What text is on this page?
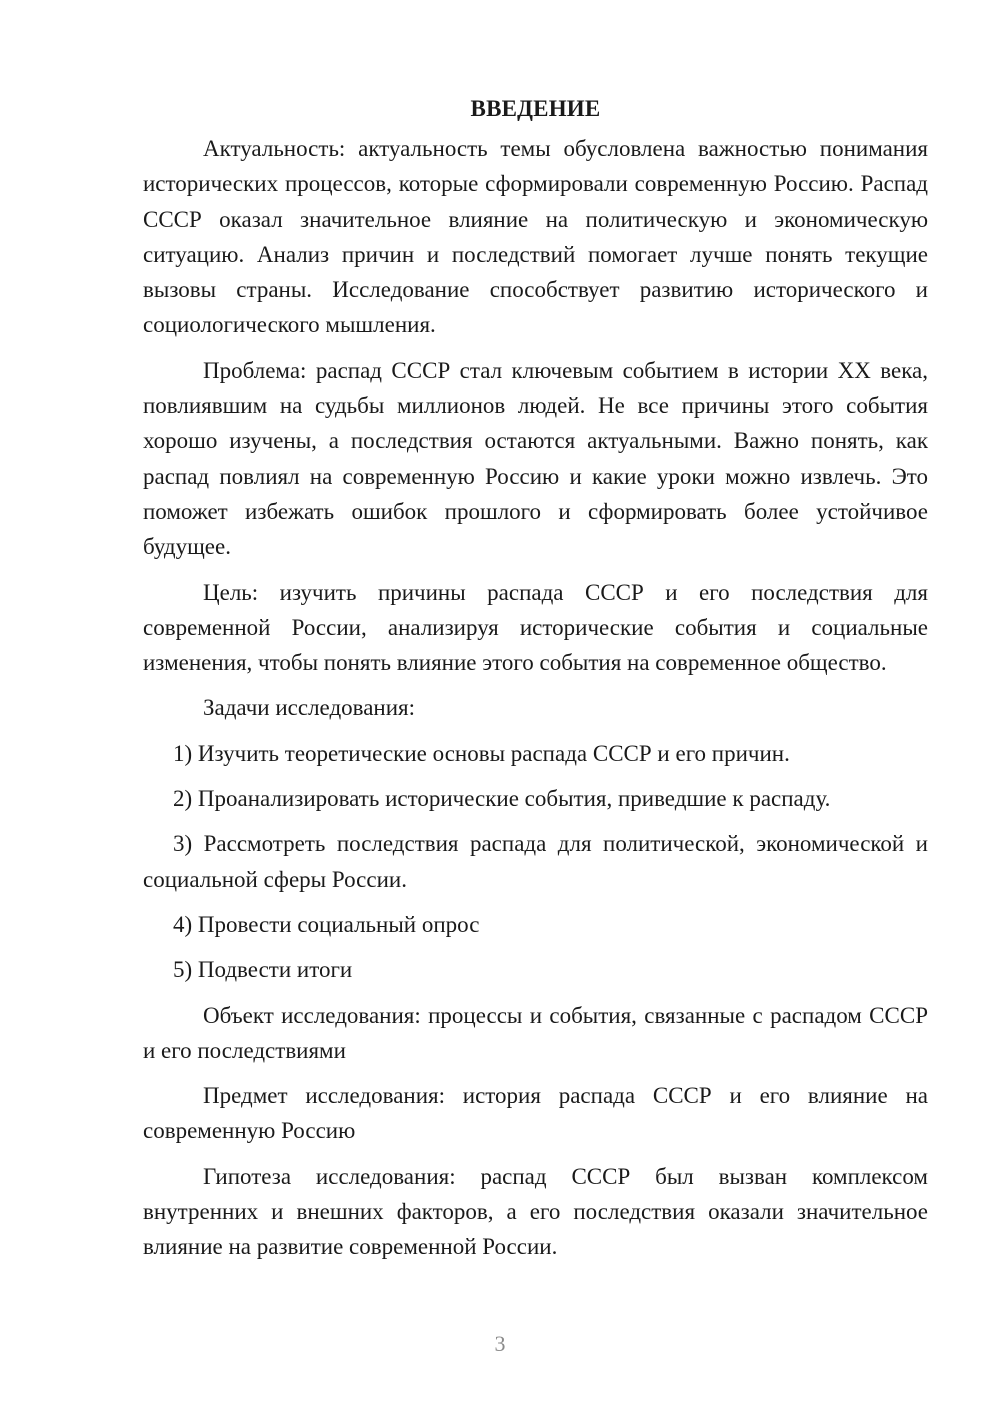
ВВЕДЕНИЕ

Актуальность: актуальность темы обусловлена важностью понимания исторических процессов, которые сформировали современную Россию. Распад СССР оказал значительное влияние на политическую и экономическую ситуацию. Анализ причин и последствий помогает лучше понять текущие вызовы страны. Исследование способствует развитию исторического и социологического мышления.

Проблема: распад СССР стал ключевым событием в истории XX века, повлиявшим на судьбы миллионов людей. Не все причины этого события хорошо изучены, а последствия остаются актуальными. Важно понять, как распад повлиял на современную Россию и какие уроки можно извлечь. Это поможет избежать ошибок прошлого и сформировать более устойчивое будущее.

Цель: изучить причины распада СССР и его последствия для современной России, анализируя исторические события и социальные изменения, чтобы понять влияние этого события на современное общество.

Задачи исследования:

1) Изучить теоретические основы распада СССР и его причин.

2) Проанализировать исторические события, приведшие к распаду.

3) Рассмотреть последствия распада для политической, экономической и социальной сферы России.

4) Провести социальный опрос

5) Подвести итоги

Объект исследования: процессы и события, связанные с распадом СССР и его последствиями

Предмет исследования: история распада СССР и его влияние на современную Россию

Гипотеза исследования: распад СССР был вызван комплексом внутренних и внешних факторов, а его последствия оказали значительное влияние на развитие современной России.

3
